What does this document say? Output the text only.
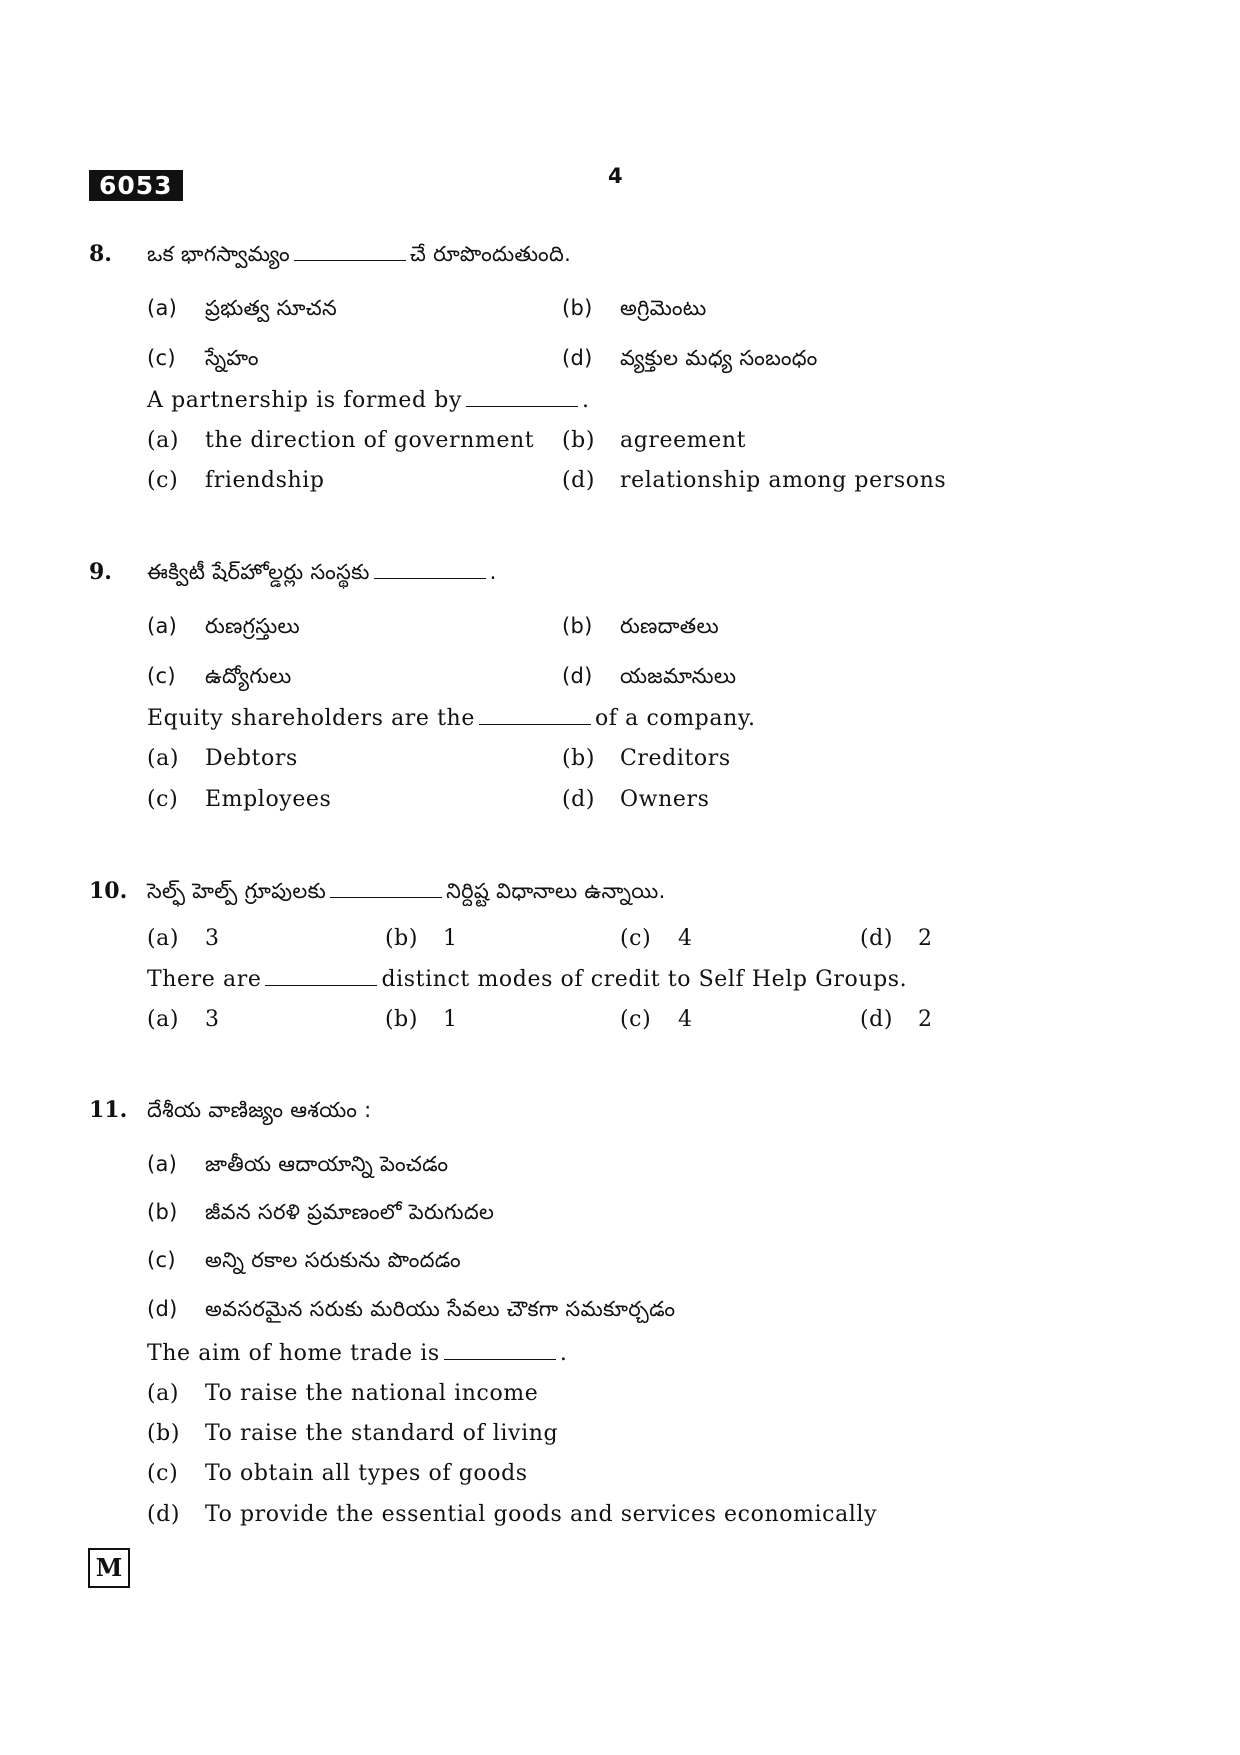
6053	4
8. ఒక భాగస్వామ్యం	చే రూపొందుతుంది.
(a) ప్రభుత్వ సూచన	(b) అగ్రిమెంటు
(c) స్నేహం	(d) వ్యక్తుల మధ్య సంబంధం
A partnership is formed by	.
(a) the direction of government (b) agreement
(c) friendship	(d) relationship among persons
9. ఈక్విటీ షేర్‌హోల్డర్లు సంస్థకు	.
(a) రుణగ్రస్తులు	(b) రుణదాతలు
(c) ఉద్యోగులు	(d) యజమానులు
Equity shareholders are the	of a company.
(a) Debtors	(b) Creditors
(c) Employees	(d) Owners
10. సెల్ఫ్ హెల్ప్ గ్రూపులకు	నిర్దిష్ట విధానాలు ఉన్నాయి.
(a) 3	(b) 1	(c) 4	(d) 2
There are	distinct modes of credit to Self Help Groups.
(a) 3	(b) 1	(c) 4	(d) 2
11. దేశీయ వాణిజ్యం ఆశయం :
(a) జాతీయ ఆదాయాన్ని పెంచడం
(b) జీవన సరళి ప్రమాణంలో పెరుగుదల
(c) అన్ని రకాల సరుకును పొందడం
(d) అవసరమైన సరుకు మరియు సేవలు చౌకగా సమకూర్చడం
The aim of home trade is	.
(a) To raise the national income
(b) To raise the standard of living
(c) To obtain all types of goods
(d) To provide the essential goods and services economically
M
